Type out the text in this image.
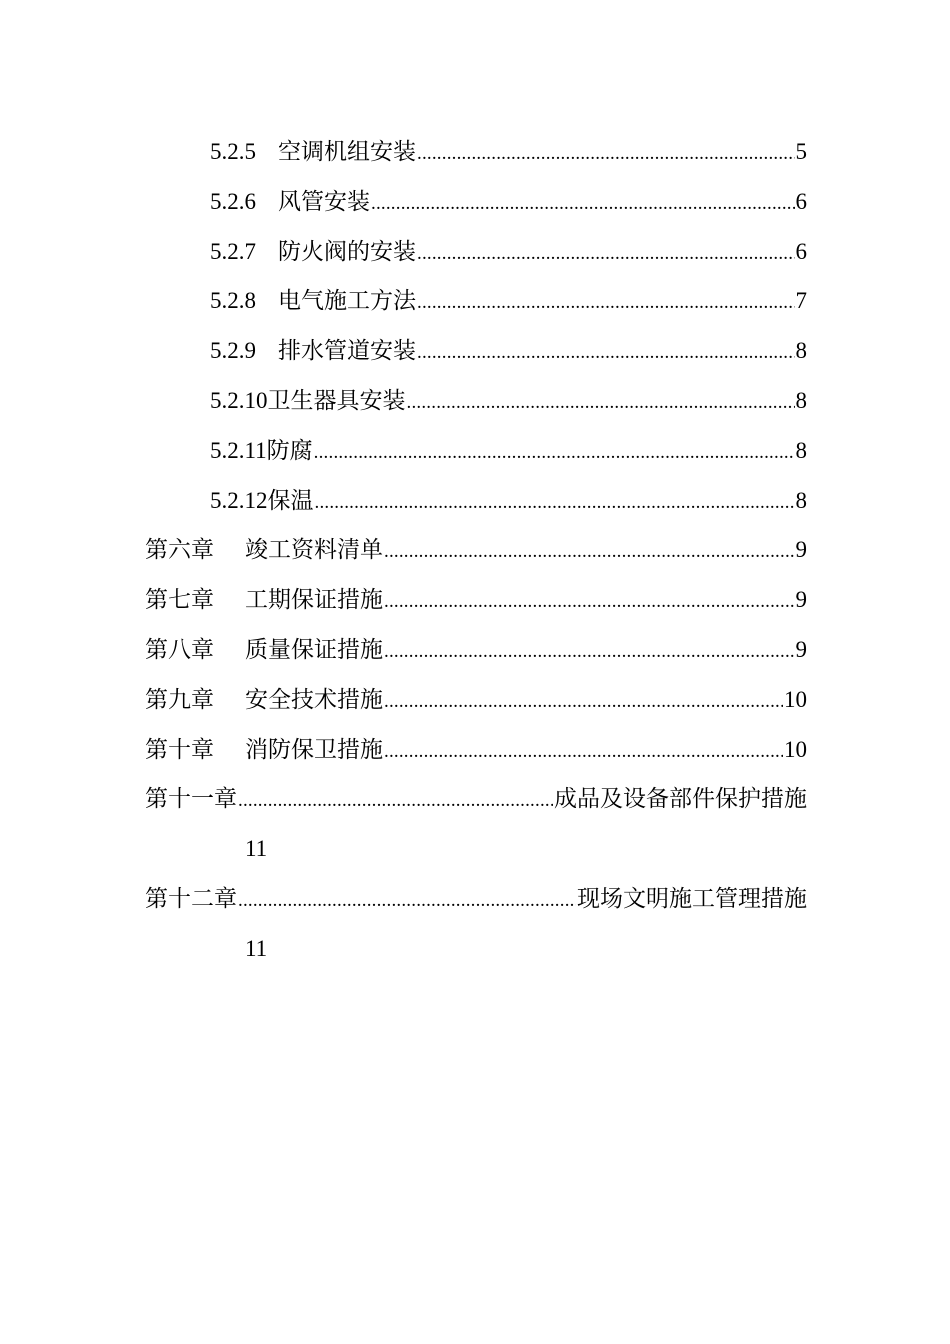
5.2.5 空调机组安装 .....	5
5.2.6 风管安装 .....	6
5.2.7 防火阀的安装 .....	6
5.2.8 电气施工方法 .....	7
5.2.9 排水管道安装 .....	8
5.2.10 卫生器具安装 .....	8
5.2.11 防腐 .....	8
5.2.12 保温 .....	8
第六章	竣工资料清单 .....	9
第七章	工期保证措施 .....	9
第八章	质量保证措施 .....	9
第九章	安全技术措施 .....	10
第十章	消防保卫措施 .....	10
第十一章 .....	成品及设备部件保护措施
11
第十二章 .....	现场文明施工管理措施
11
